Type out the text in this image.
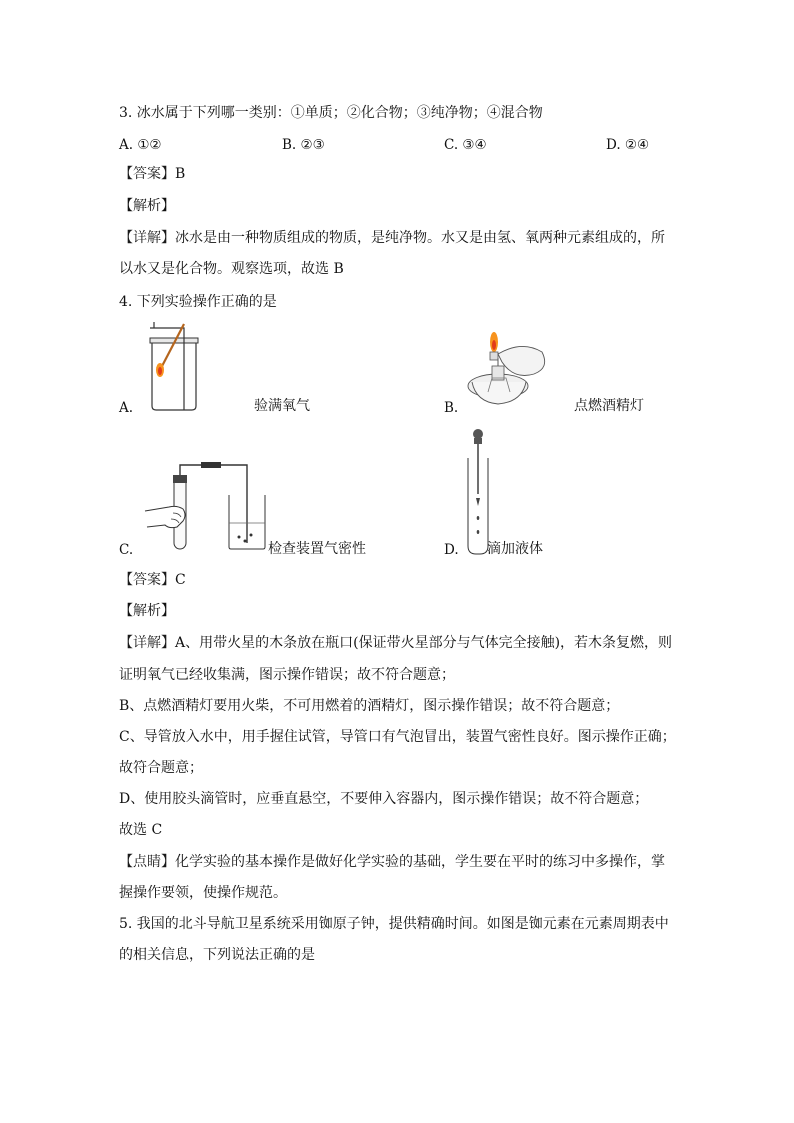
3. 冰水属于下列哪一类别：①单质；②化合物；③纯净物；④混合物
A. ①②	B. ②③	C. ③④	D. ②④
【答案】B
【解析】
【详解】冰水是由一种物质组成的物质，是纯净物。水又是由氢、氧两种元素组成的，所
以水又是化合物。观察选项，故选 B
4. 下列实验操作正确的是
A.	验满氧气	B.	点燃酒精灯
C.	检查装置气密性	D. 滴加液体
【答案】C
【解析】
【详解】A、用带火星的木条放在瓶口(保证带火星部分与气体完全接触)，若木条复燃，则
证明氧气已经收集满，图示操作错误；故不符合题意；
B、点燃酒精灯要用火柴，不可用燃着的酒精灯，图示操作错误；故不符合题意；
C、导管放入水中，用手握住试管，导管口有气泡冒出，装置气密性良好。图示操作正确；
故符合题意；
D、使用胶头滴管时，应垂直悬空，不要伸入容器内，图示操作错误；故不符合题意；
故选 C
【点睛】化学实验的基本操作是做好化学实验的基础，学生要在平时的练习中多操作，掌
握操作要领，使操作规范。
5. 我国的北斗导航卫星系统采用铷原子钟，提供精确时间。如图是铷元素在元素周期表中
的相关信息，下列说法正确的是
